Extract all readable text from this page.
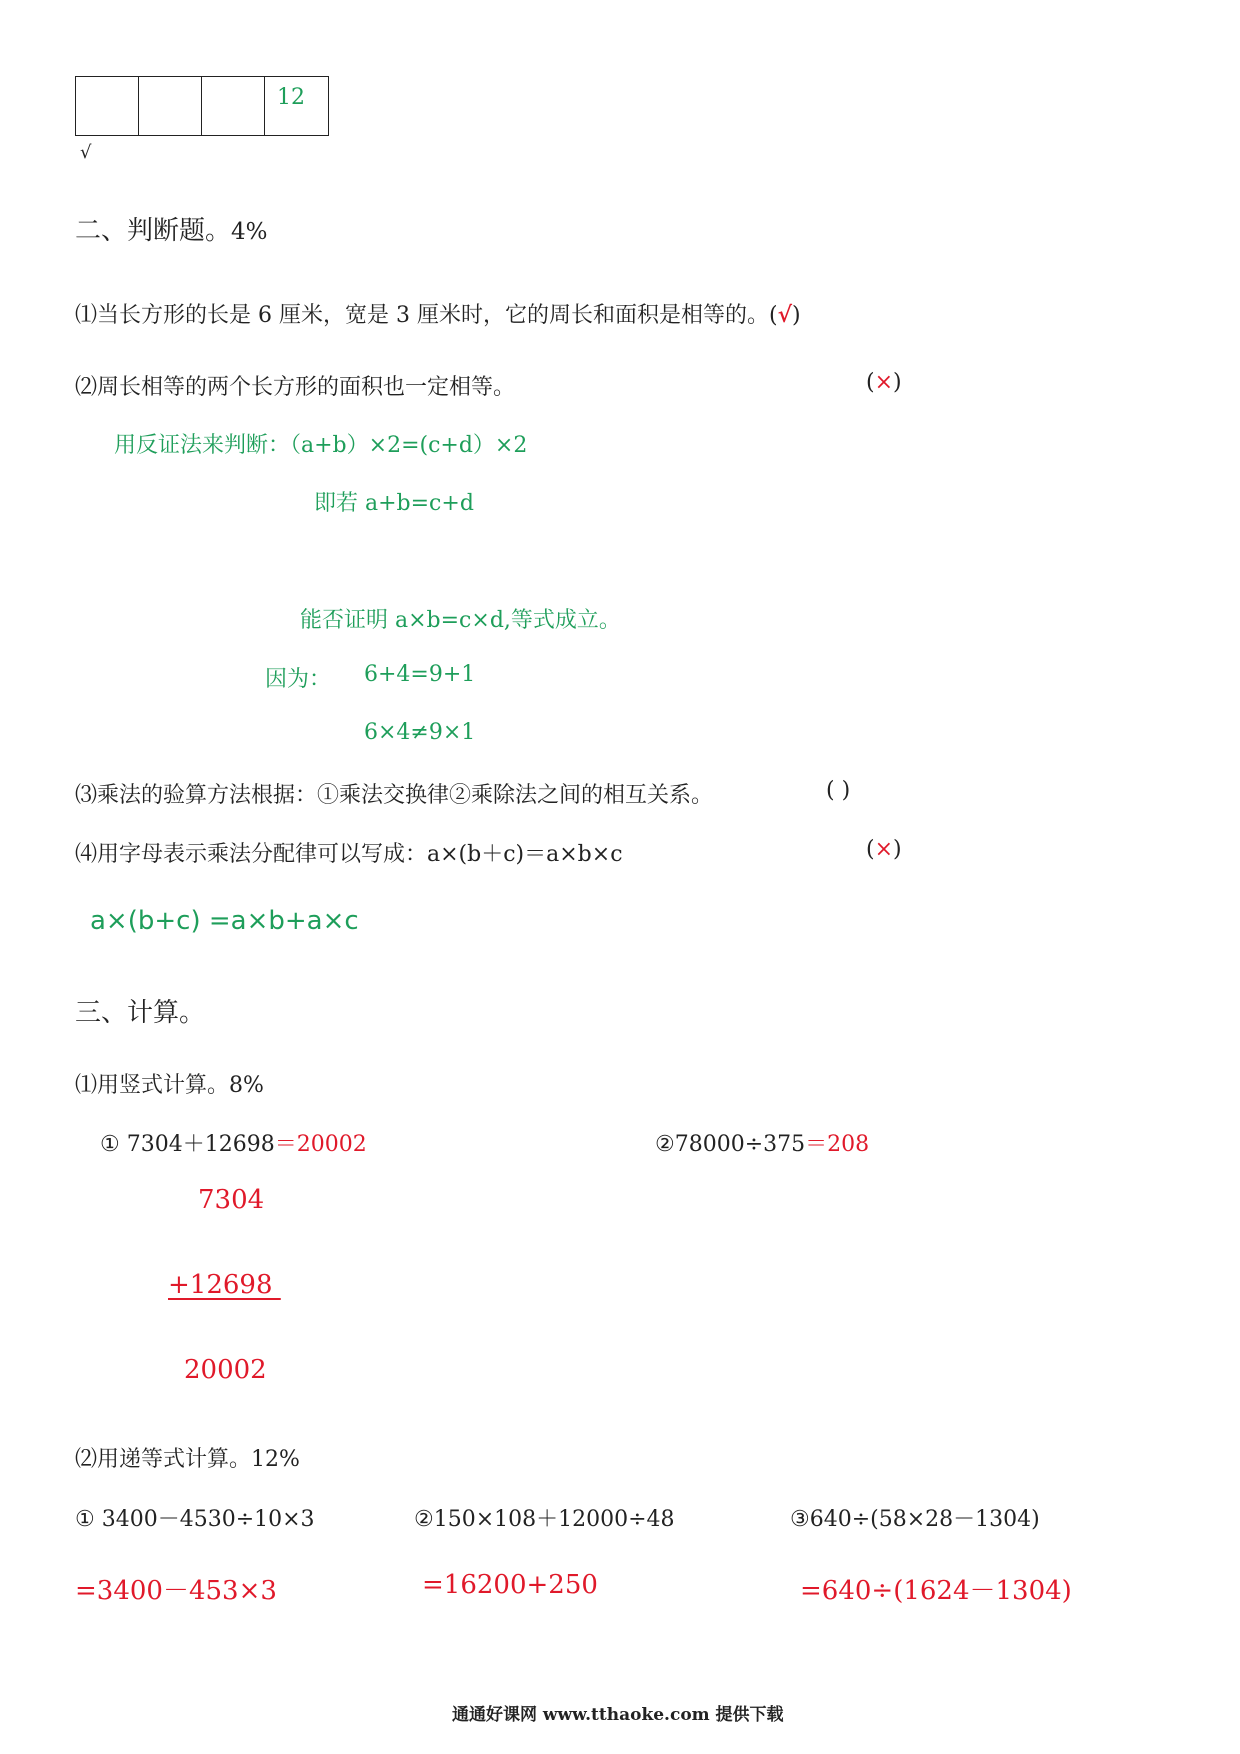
12
√
二、判断题。4%
⑴当长方形的长是 6 厘米，宽是 3 厘米时，它的周长和面积是相等的。(√)
⑵周长相等的两个长方形的面积也一定相等。	(×)
用反证法来判断：（a+b）×2=(c+d）×2
即若 a+b=c+d
能否证明 a×b=c×d,等式成立。
因为： 6+4=9+1
6×4≠9×1
⑶乘法的验算方法根据：①乘法交换律②乘除法之间的相互关系。	( )
⑷用字母表示乘法分配律可以写成：a×(b＋c)＝a×b×c	(×)
a×(b+c) =a×b+a×c
三、计算。
⑴用竖式计算。8%
① 7304＋12698＝20002	②78000÷375＝208
7304
+12698
20002
⑵用递等式计算。12%
① 3400－4530÷10×3	②150×108＋12000÷48	③640÷(58×28－1304)
=3400－453×3	=16200+250	=640÷(1624－1304)
通通好课网 www.tthaoke.com 提供下载
